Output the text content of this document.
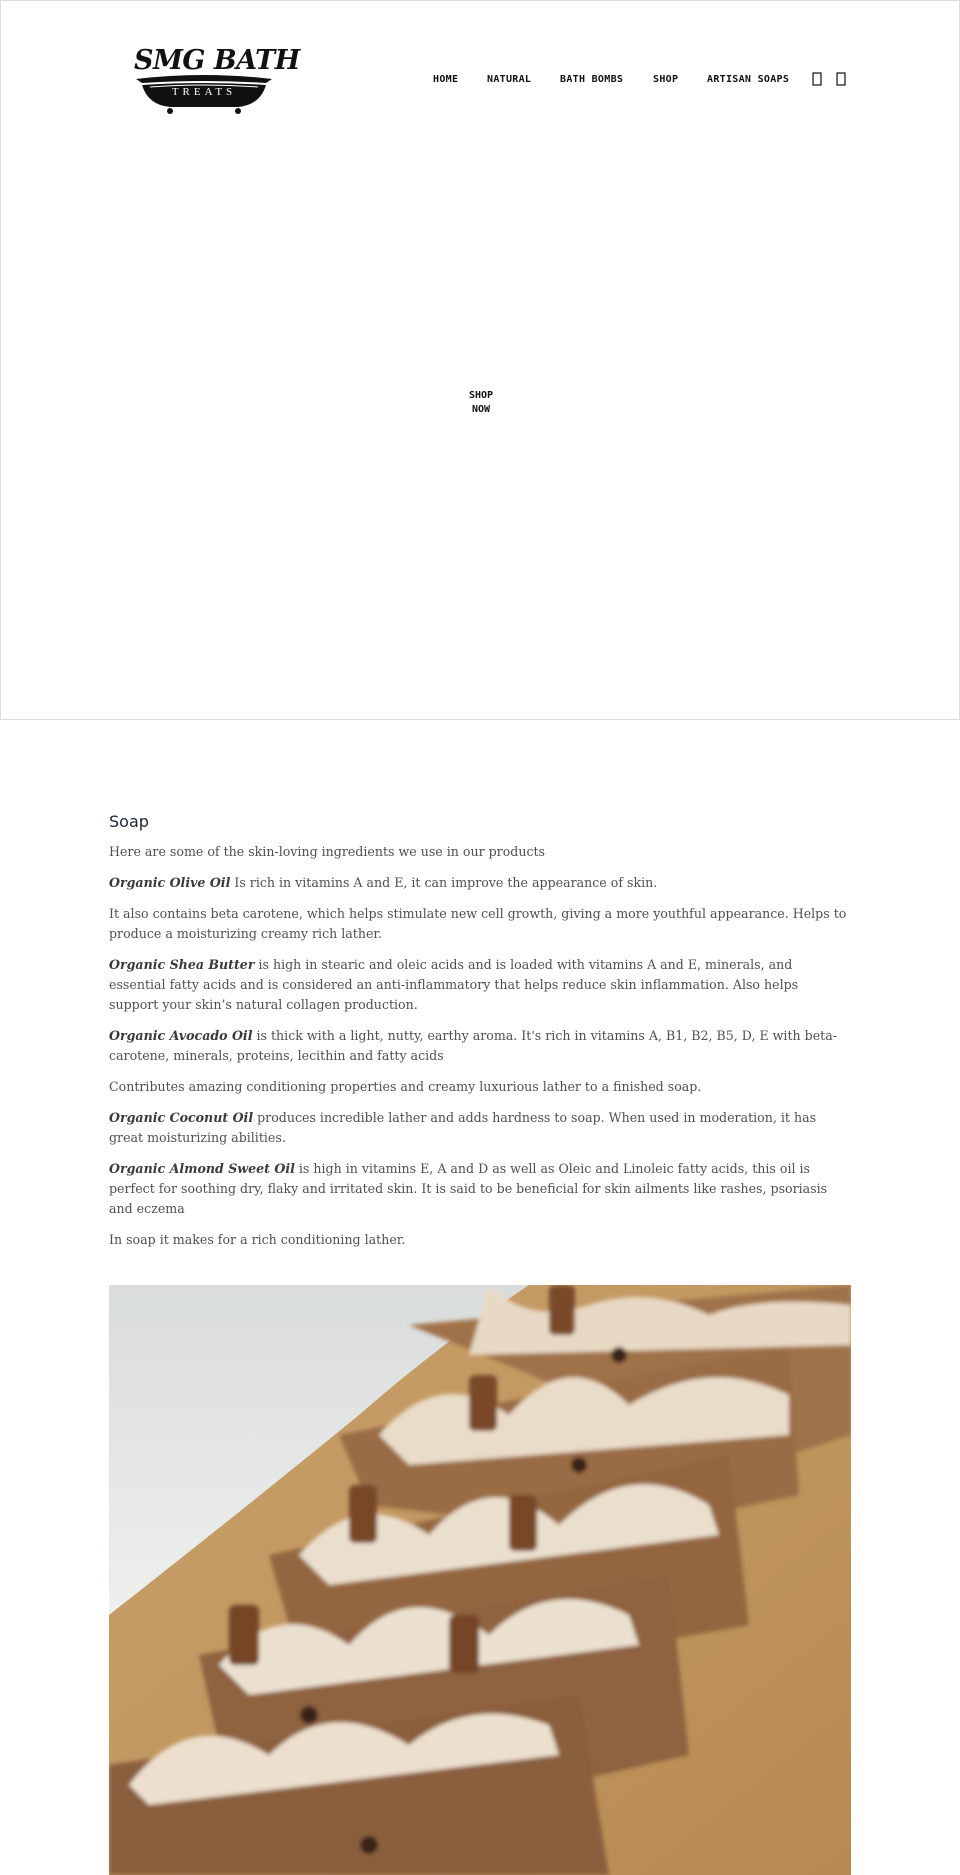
SMG BATH
TREATS
HOME	NATURAL	BATH BOMBS	SHOP	ARTISAN SOAPS
SHOP
NOW
Soap

Here are some of the skin-loving ingredients we use in our products

Organic Olive Oil Is rich in vitamins A and E, it can improve the appearance of skin.

It also contains beta carotene, which helps stimulate new cell growth, giving a more youthful appearance. Helps to produce a moisturizing creamy rich lather.

Organic Shea Butter is high in stearic and oleic acids and is loaded with vitamins A and E, minerals, and essential fatty acids and is considered an anti-inflammatory that helps reduce skin inflammation. Also helps support your skin’s natural collagen production.

Organic Avocado Oil is thick with a light, nutty, earthy aroma. It's rich in vitamins A, B1, B2, B5, D, E with beta-carotene, minerals, proteins, lecithin and fatty acids

Contributes amazing conditioning properties and creamy luxurious lather to a finished soap.

Organic Coconut Oil produces incredible lather and adds hardness to soap. When used in moderation, it has great moisturizing abilities.

Organic Almond Sweet Oil is high in vitamins E, A and D as well as Oleic and Linoleic fatty acids, this oil is perfect for soothing dry, flaky and irritated skin. It is said to be beneficial for skin ailments like rashes, psoriasis and eczema

In soap it makes for a rich conditioning lather.
